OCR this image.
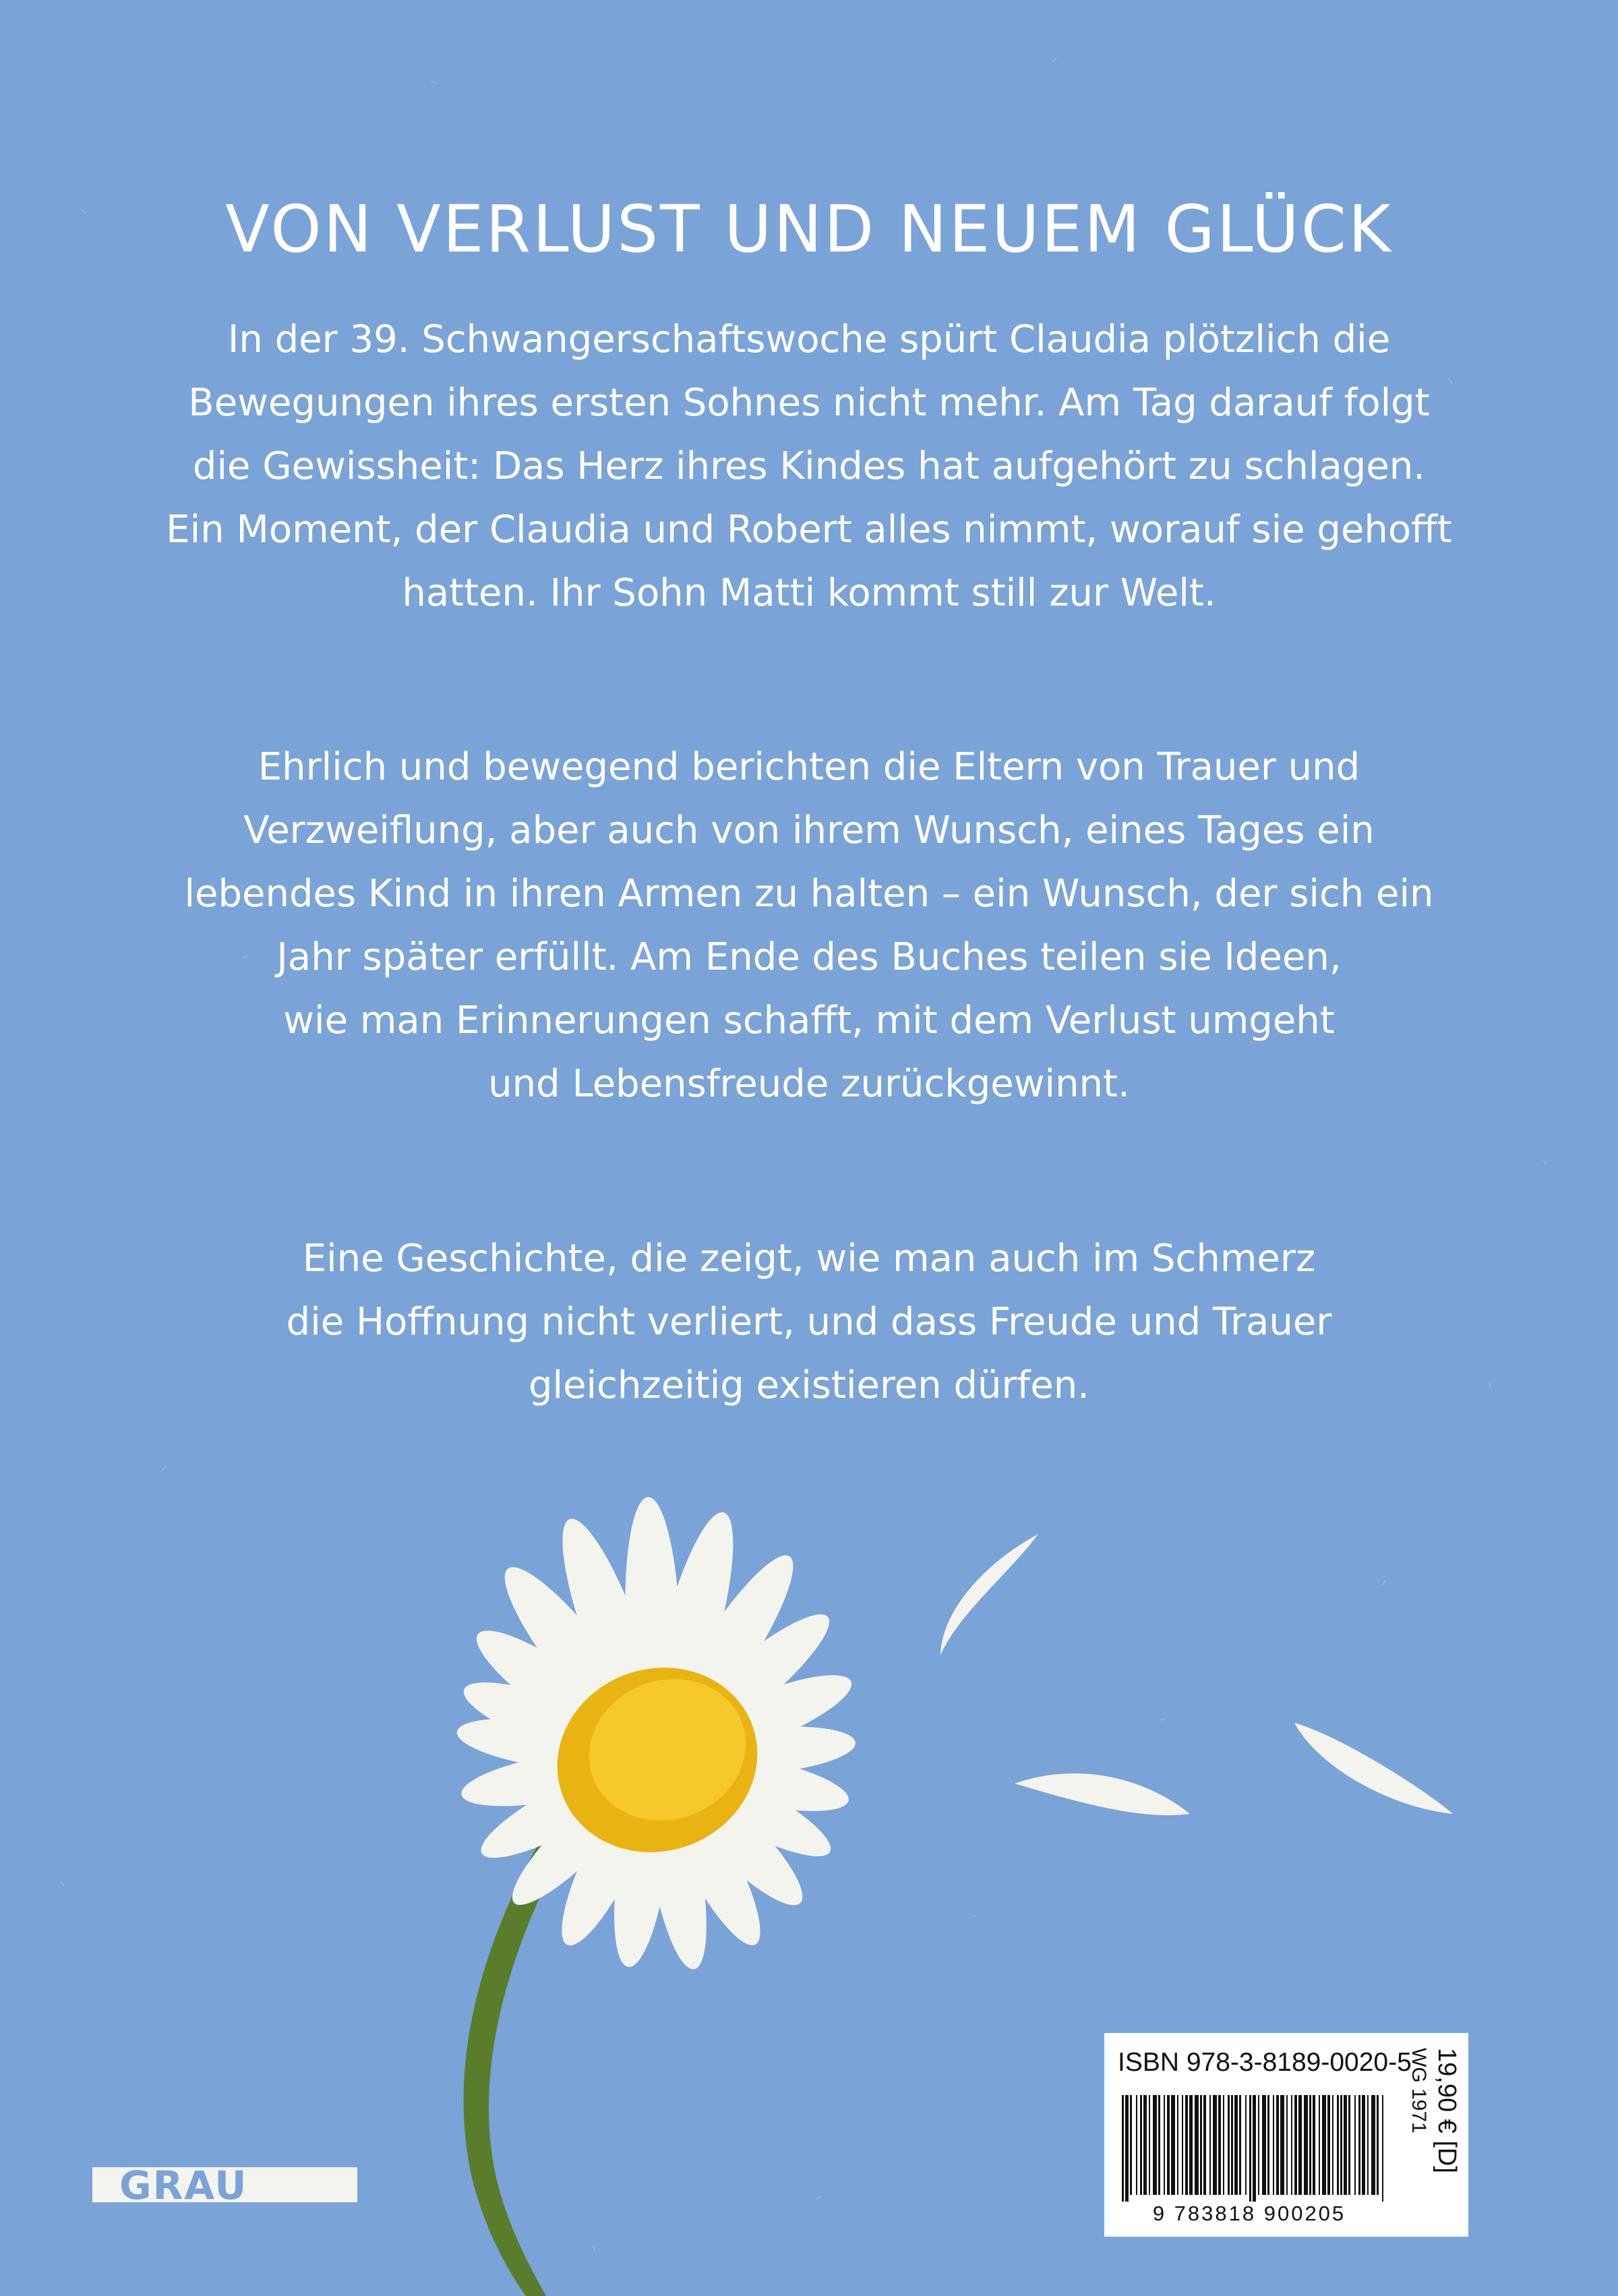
VON VERLUST UND NEUEM GLÜCK
In der 39. Schwangerschaftswoche spürt Claudia plötzlich die
Bewegungen ihres ersten Sohnes nicht mehr. Am Tag darauf folgt
die Gewissheit: Das Herz ihres Kindes hat aufgehört zu schlagen.
Ein Moment, der Claudia und Robert alles nimmt, worauf sie gehofft
hatten. Ihr Sohn Matti kommt still zur Welt.
Ehrlich und bewegend berichten die Eltern von Trauer und
Verzweiflung, aber auch von ihrem Wunsch, eines Tages ein
lebendes Kind in ihren Armen zu halten – ein Wunsch, der sich ein
Jahr später erfüllt. Am Ende des Buches teilen sie Ideen,
wie man Erinnerungen schafft, mit dem Verlust umgeht
und Lebensfreude zurückgewinnt.
Eine Geschichte, die zeigt, wie man auch im Schmerz
die Hoffnung nicht verliert, und dass Freude und Trauer
gleichzeitig existieren dürfen.
GRAU
ISBN 978-3-8189-0020-5
9 783818 900205
19,90 € [D]
WG 1971
